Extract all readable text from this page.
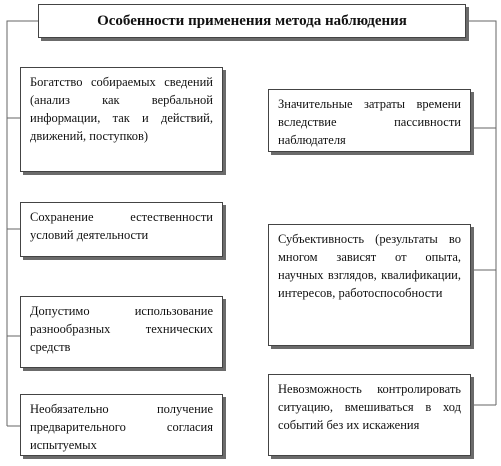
Особенности применения метода наблюдения
Богатство собираемых сведений (анализ как вербальной информации, так и действий, движений, поступков)
Сохранение естественности условий деятельности
Допустимо использование разнообразных технических средств
Необязательно получение предварительного согласия испытуемых
Значительные затраты времени вследствие пассивности наблюдателя
Субъективность (результаты во многом зависят от опыта, научных взглядов, квалификации, интересов, работоспособности
Невозможность контролировать ситуацию, вмешиваться в ход событий без их искажения
